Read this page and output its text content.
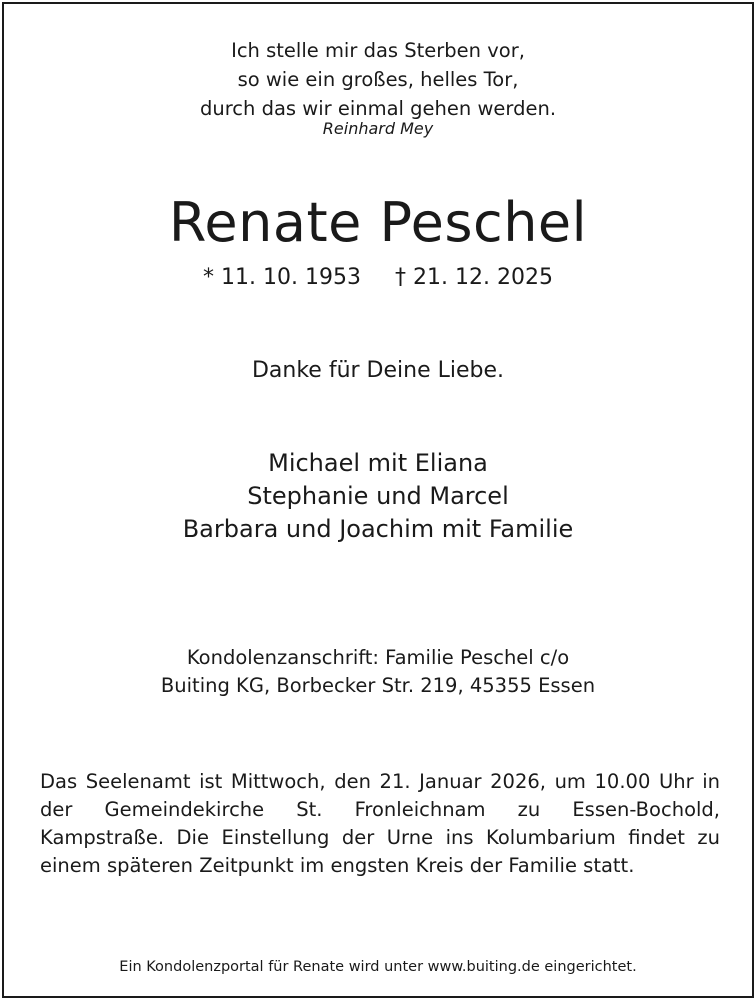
Ich stelle mir das Sterben vor,
so wie ein großes, helles Tor,
durch das wir einmal gehen werden.
Reinhard Mey
Renate Peschel
* 11. 10. 1953 † 21. 12. 2025
Danke für Deine Liebe.
Michael mit Eliana
Stephanie und Marcel
Barbara und Joachim mit Familie
Kondolenzanschrift: Familie Peschel c/o
Buiting KG, Borbecker Str. 219, 45355 Essen

Das Seelenamt ist Mittwoch, den 21. Januar 2026, um 10.00 Uhr in der Gemeindekirche St. Fronleichnam zu Essen-Bochold, Kampstraße. Die Einstellung der Urne ins Kolumbarium findet zu einem späteren Zeitpunkt im engsten Kreis der Familie statt.

Ein Kondolenzportal für Renate wird unter www.buiting.de eingerichtet.
